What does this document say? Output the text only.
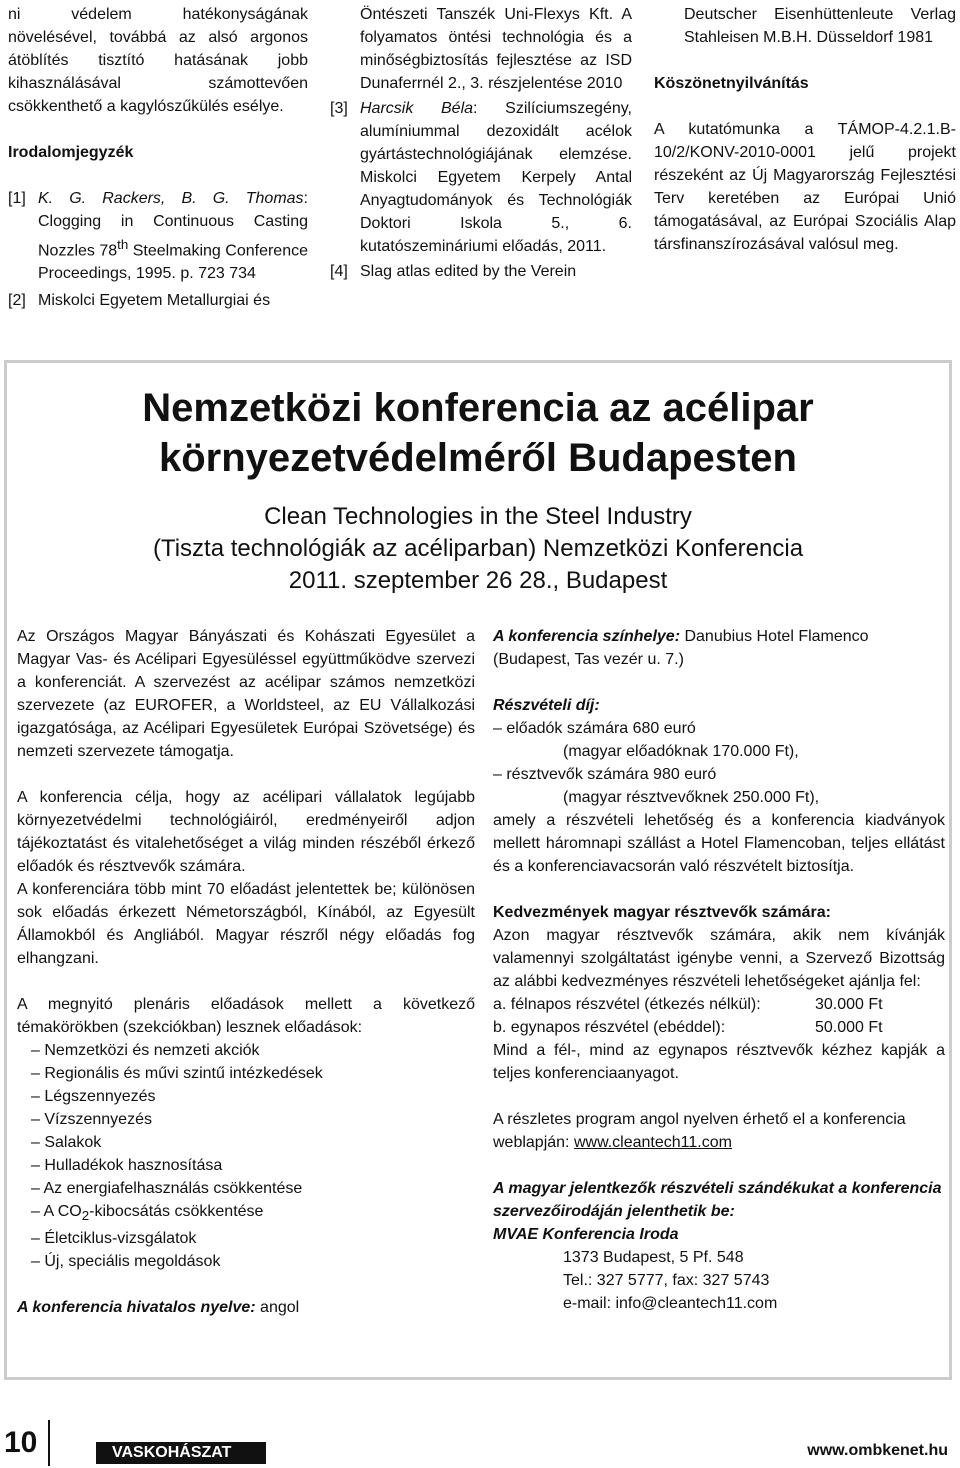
ni védelem hatékonyságának növelésével, továbbá az alsó argonos átöblítés tisztító hatásának jobb kihasználásával számottevően csökkenthető a kagylószűkülés esélye.

Irodalomjegyzék

[1] K. G. Rackers, B. G. Thomas: Clogging in Continuous Casting Nozzles 78th Steelmaking Conference Proceedings, 1995. p. 723 734

[2] Miskolci Egyetem Metallurgiai és

Öntészeti Tanszék Uni-Flexys Kft. A folyamatos öntési technológia és a minőségbiztosítás fejlesztése az ISD Dunaferrnél 2., 3. részjelentése 2010

[3] Harcsik Béla: Szilíciumszegény, alumíniummal dezoxidált acélok gyártástechnológiájának elemzése. Miskolci Egyetem Kerpely Antal Anyagtudományok és Technológiák Doktori Iskola 5., 6. kutatószemináriumi előadás, 2011.

[4] Slag atlas edited by the Verein

Deutscher Eisenhüttenleute Verlag Stahleisen M.B.H. Düsseldorf 1981

Köszönetnyilvánítás

A kutatómunka a TÁMOP-4.2.1.B-10/2/KONV-2010-0001 jelű projekt részeként az Új Magyarország Fejlesztési Terv keretében az Európai Unió támogatásával, az Európai Szociális Alap társfinanszírozásával valósul meg.

Nemzetközi konferencia az acélipar
környezetvédelméről Budapesten
Clean Technologies in the Steel Industry
(Tiszta technológiák az acéliparban) Nemzetközi Konferencia
2011. szeptember 26 28., Budapest

Az Országos Magyar Bányászati és Kohászati Egyesület a Magyar Vas- és Acélipari Egyesüléssel együttműködve szervezi a konferenciát. A szervezést az acélipar számos nemzetközi szervezete (az EUROFER, a Worldsteel, az EU Vállalkozási igazgatósága, az Acélipari Egyesületek Európai Szövetsége) és nemzeti szervezete támogatja.

A konferencia célja, hogy az acélipari vállalatok legújabb környezetvédelmi technológiáiról, eredményeiről adjon tájékoztatást és vitalehetőséget a világ minden részéből érkező előadók és résztvevők számára.

A konferenciára több mint 70 előadást jelentettek be; különösen sok előadás érkezett Németországból, Kínából, az Egyesült Államokból és Angliából. Magyar részről négy előadás fog elhangzani.

A megnyitó plenáris előadások mellett a következő témakörökben (szekciókban) lesznek előadások:

– Nemzetközi és nemzeti akciók

– Regionális és művi szintű intézkedések

– Légszennyezés

– Vízszennyezés

– Salakok

– Hulladékok hasznosítása

– Az energiafelhasználás csökkentése

– A $CO_2$-kibocsátás csökkentése

– Életciklus-vizsgálatok

– Új, speciális megoldások

A konferencia hivatalos nyelve: angol

A konferencia színhelye: Danubius Hotel Flamenco (Budapest, Tas vezér u. 7.)

Részvételi díj:

– előadók számára 680 euró

(magyar előadóknak 170.000 Ft),

– résztvevők számára 980 euró

(magyar résztvevőknek 250.000 Ft),

amely a részvételi lehetőség és a konferencia kiadványok mellett háromnapi szállást a Hotel Flamencoban, teljes ellátást és a konferenciavacsorán való részvételt biztosítja.

Kedvezmények magyar résztvevők számára:

Azon magyar résztvevők számára, akik nem kívánják valamennyi szolgáltatást igénybe venni, a Szervező Bizottság az alábbi kedvezményes részvételi lehetőségeket ajánlja fel:

a. félnapos részvétel (étkezés nélkül):	30.000 Ft

b. egynapos részvétel (ebéddel):	50.000 Ft

Mind a fél-, mind az egynapos résztvevők kézhez kapják a teljes konferenciaanyagot.

A részletes program angol nyelven érhető el a konferencia weblapján: www.cleantech11.com

A magyar jelentkezők részvételi szándékukat a konferencia szervezőirodáján jelenthetik be:

MVAE Konferencia Iroda

1373 Budapest, 5 Pf. 548

Tel.: 327 5777, fax: 327 5743

e-mail: info@cleantech11.com

10	VASKOHÁSZAT	www.ombkenet.hu
